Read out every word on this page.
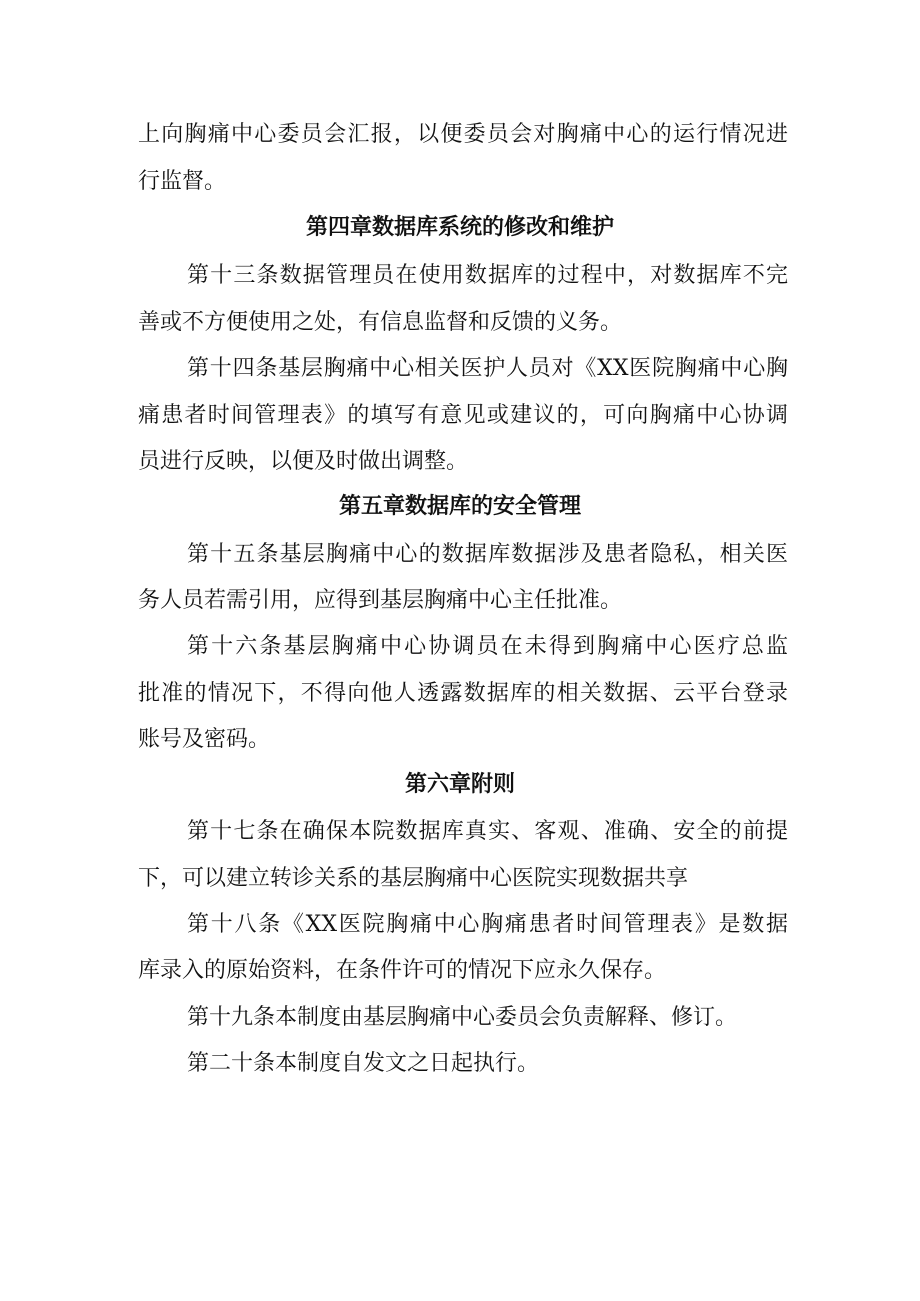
上向胸痛中心委员会汇报，以便委员会对胸痛中心的运行情况进
行监督。
第四章数据库系统的修改和维护
第十三条数据管理员在使用数据库的过程中，对数据库不完
善或不方便使用之处，有信息监督和反馈的义务。
第十四条基层胸痛中心相关医护人员对《XX医院胸痛中心胸
痛患者时间管理表》的填写有意见或建议的，可向胸痛中心协调
员进行反映，以便及时做出调整。
第五章数据库的安全管理
第十五条基层胸痛中心的数据库数据涉及患者隐私，相关医
务人员若需引用，应得到基层胸痛中心主任批准。
第十六条基层胸痛中心协调员在未得到胸痛中心医疗总监
批准的情况下，不得向他人透露数据库的相关数据、云平台登录
账号及密码。
第六章附则
第十七条在确保本院数据库真实、客观、准确、安全的前提
下，可以建立转诊关系的基层胸痛中心医院实现数据共享
第十八条《XX医院胸痛中心胸痛患者时间管理表》是数据
库录入的原始资料，在条件许可的情况下应永久保存。
第十九条本制度由基层胸痛中心委员会负责解释、修订。
第二十条本制度自发文之日起执行。
